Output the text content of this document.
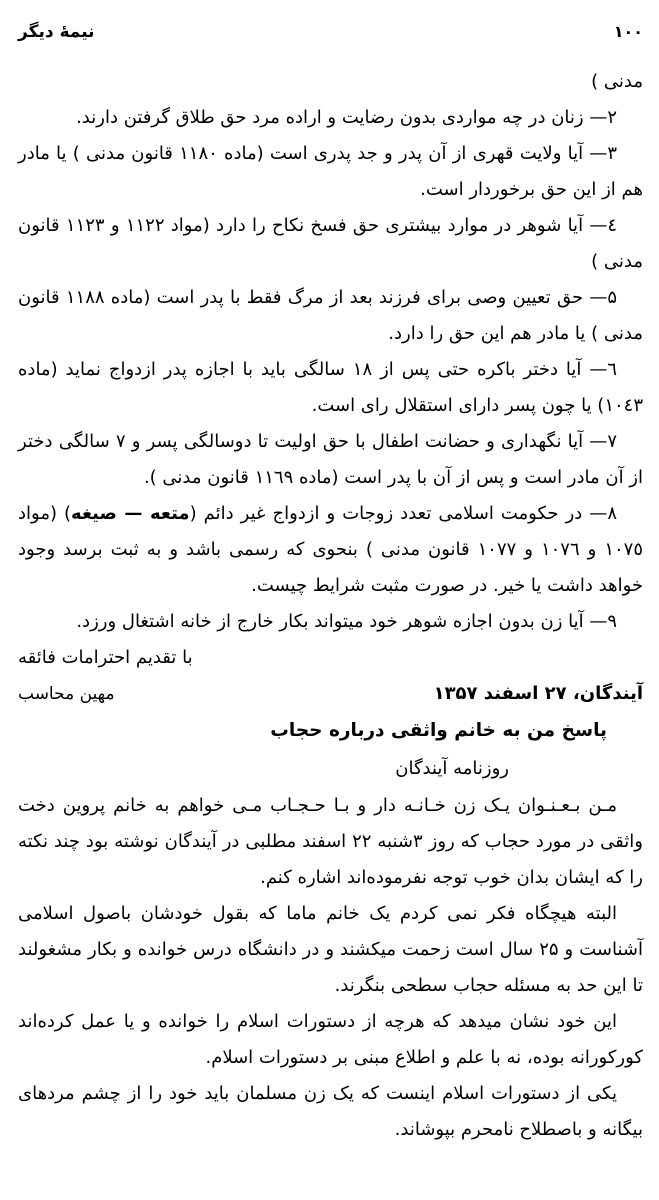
۱۰۰
نیمهٔ دیگر

مدنی )

۲— زنان در چه مواردی بدون رضایت و اراده مرد حق طلاق گرفتن دارند.

۳— آیا ولایت قهری از آن پدر و جد پدری است (ماده ۱۱۸۰ قانون مدنی ) یا مادر هم از این حق برخوردار است.

٤— آیا شوهر در موارد بیشتری حق فسخ نکاح را دارد (مواد ۱۱۲۲ و ۱۱۲۳ قانون مدنی )

۵— حق تعیین وصی برای فرزند بعد از مرگ فقط با پدر است (ماده ۱۱۸۸ قانون مدنی ) یا مادر هم این حق را دارد.

٦— آیا دختر باکره حتی پس از ۱۸ سالگی باید با اجازه پدر ازدواج نماید (ماده ١٠٤٣) یا چون پسر دارای استقلال رای است.

۷— آیا نگهداری و حضانت اطفال با حق اولیت تا دوسالگی پسر و ۷ سالگی دختر از آن مادر است و پس از آن با پدر است (ماده ١١٦٩ قانون مدنی ).

۸— در حکومت اسلامی تعدد زوجات و ازدواج غیر دائم (متعه — صیغه) (مواد ١٠٧٥ و ١٠٧٦ و ١٠٧٧ قانون مدنی ) بنحوی که رسمی باشد و به ثبت برسد وجود خواهد داشت یا خیر. در صورت مثبت شرایط چیست.

۹— آیا زن بدون اجازه شوهر خود میتواند بکار خارج از خانه اشتغال ورزد.

با تقدیم احترامات فائقه

آیندگان، ۲۷ اسفند ۱۳۵۷
مهین محاسب
پاسخ من به خانم واثقی درباره حجاب

روزنامه آیندگان

مـن بـعـنـوان یـک زن خـانـه دار و بـا حـجـاب مـی خواهم به خانم پروین دخت واثقی در مورد حجاب که روز ۳شنبه ۲۲ اسفند مطلبی در آیندگان نوشته بود چند نکته را که ایشان بدان خوب توجه نفرموده‌اند اشاره کنم.

البته هیچگاه فکر نمی کردم یک خانم ماما که بقول خودشان باصول اسلامی آشناست و ۲۵ سال است زحمت میکشند و در دانشگاه درس خوانده و بکار مشغولند تا این حد به مسئله حجاب سطحی بنگرند.

این خود نشان میدهد که هرچه از دستورات اسلام را خوانده و یا عمل کرده‌اند کورکورانه بوده، نه با علم و اطلاع مبنی بر دستورات اسلام.

یکی از دستورات اسلام اینست که یک زن مسلمان باید خود را از چشم مردهای بیگانه و باصطلاح نامحرم بپوشاند.
